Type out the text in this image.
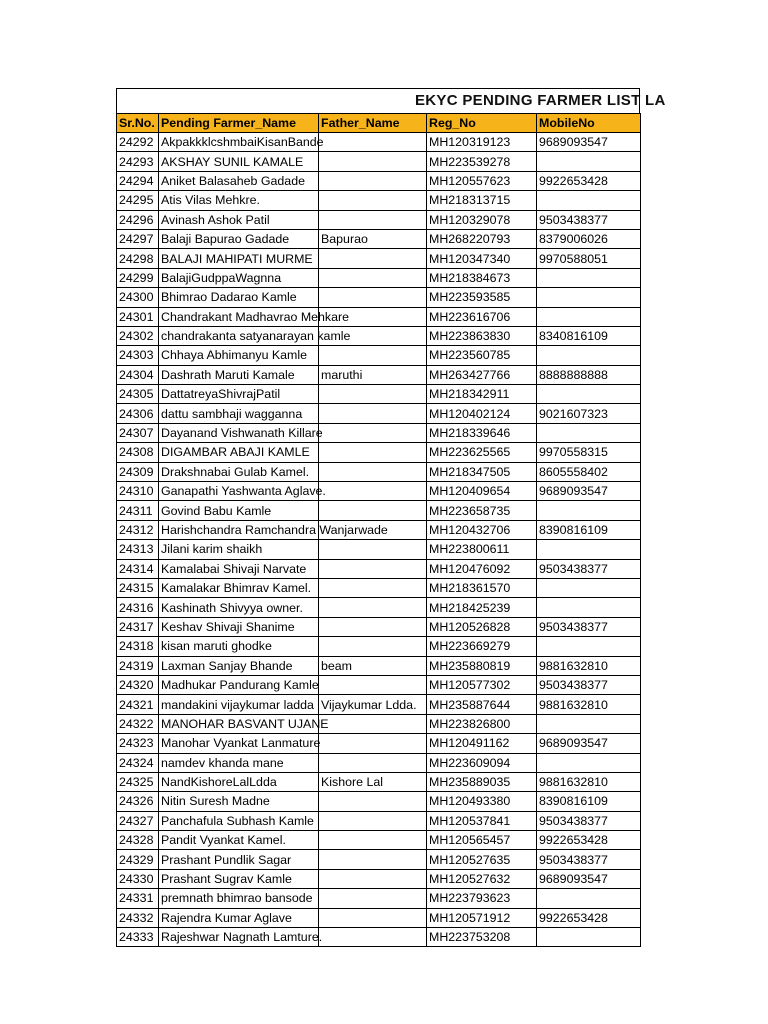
EKYC PENDING FARMER LIST LA
Sr.No.	Pending Farmer_Name	Father_Name	Reg_No	MobileNo
24292	AkpakkklcshmbaiKisanBande		MH120319123	9689093547
24293	AKSHAY SUNIL KAMALE		MH223539278	
24294	Aniket Balasaheb Gadade		MH120557623	9922653428
24295	Atis Vilas Mehkre.		MH218313715	
24296	Avinash Ashok Patil		MH120329078	9503438377
24297	Balaji Bapurao Gadade	Bapurao	MH268220793	8379006026
24298	BALAJI MAHIPATI MURME		MH120347340	9970588051
24299	BalajiGudppaWagnna		MH218384673	
24300	Bhimrao Dadarao Kamle		MH223593585	
24301	Chandrakant Madhavrao Mehkare		MH223616706	
24302	chandrakanta satyanarayan kamle		MH223863830	8340816109
24303	Chhaya Abhimanyu Kamle		MH223560785	
24304	Dashrath Maruti Kamale	maruthi	MH263427766	8888888888
24305	DattatreyaShivrajPatil		MH218342911	
24306	dattu sambhaji wagganna		MH120402124	9021607323
24307	Dayanand Vishwanath Killare		MH218339646	
24308	DIGAMBAR ABAJI KAMLE		MH223625565	9970558315
24309	Drakshnabai Gulab Kamel.		MH218347505	8605558402
24310	Ganapathi Yashwanta Aglave.		MH120409654	9689093547
24311	Govind Babu Kamle		MH223658735	
24312	Harishchandra Ramchandra Wanjarwade		MH120432706	8390816109
24313	Jilani karim shaikh		MH223800611	
24314	Kamalabai Shivaji Narvate		MH120476092	9503438377
24315	Kamalakar Bhimrav Kamel.		MH218361570	
24316	Kashinath Shivyya owner.		MH218425239	
24317	Keshav Shivaji Shanime		MH120526828	9503438377
24318	kisan maruti ghodke		MH223669279	
24319	Laxman Sanjay Bhande	beam	MH235880819	9881632810
24320	Madhukar Pandurang Kamle		MH120577302	9503438377
24321	mandakini vijaykumar ladda	Vijaykumar Ldda.	MH235887644	9881632810
24322	MANOHAR BASVANT UJANE		MH223826800	
24323	Manohar Vyankat Lanmature		MH120491162	9689093547
24324	namdev khanda mane		MH223609094	
24325	NandKishoreLalLdda	Kishore Lal	MH235889035	9881632810
24326	Nitin Suresh Madne		MH120493380	8390816109
24327	Panchafula Subhash Kamle		MH120537841	9503438377
24328	Pandit Vyankat Kamel.		MH120565457	9922653428
24329	Prashant Pundlik Sagar		MH120527635	9503438377
24330	Prashant Sugrav Kamle		MH120527632	9689093547
24331	premnath bhimrao bansode		MH223793623	
24332	Rajendra Kumar Aglave		MH120571912	9922653428
24333	Rajeshwar Nagnath Lamture.		MH223753208	
